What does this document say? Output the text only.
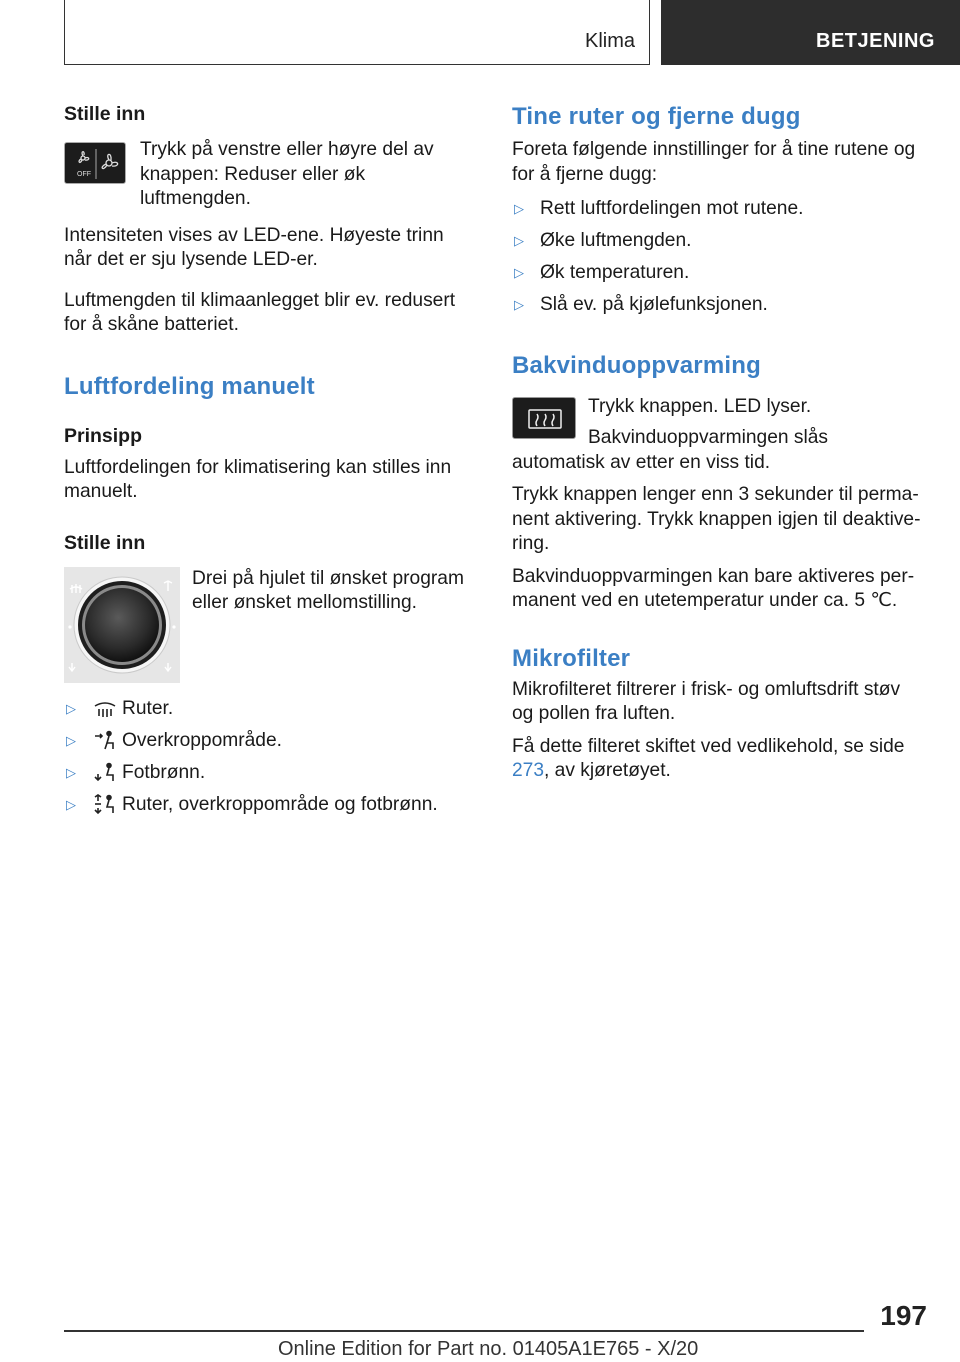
Klima	BETJENING
Stille inn
OFF

Trykk på venstre eller høyre del av knappen: Reduser eller øk luftmengden.

Intensiteten vises av LED-ene. Høyeste trinn når det er sju lysende LED-er.

Luftmengden til klimaanlegget blir ev. redusert for å skåne batteriet.

Luftfordeling manuelt
Prinsipp

Luftfordelingen for klimatisering kan stilles inn manuelt.

Stille inn

Drei på hjulet til ønsket program eller ønsket mellomstilling.

▷	Ruter.
▷	Overkroppområde.
▷	Fotbrønn.
▷	Ruter, overkroppområde og fotbrønn.
Tine ruter og fjerne dugg

Foreta følgende innstillinger for å tine rutene og for å fjerne dugg:

▷ Rett luftfordelingen mot rutene.
▷ Øke luftmengden.
▷ Øk temperaturen.
▷ Slå ev. på kjølefunksjonen.
Bakvinduoppvarming

Trykk knappen. LED lyser.

Bakvinduoppvarmingen slås automatisk av etter en viss tid.

Trykk knappen lenger enn 3 sekunder til permanent aktivering. Trykk knappen igjen til deaktivering.

Bakvinduoppvarmingen kan bare aktiveres permanent ved en utetemperatur under ca. 5 ℃.

Mikrofilter

Mikrofilteret filtrerer i frisk- og omluftsdrift støv og pollen fra luften.

Få dette filteret skiftet ved vedlikehold, se side 273, av kjøretøyet.

197
Online Edition for Part no. 01405A1E765 - X/20
